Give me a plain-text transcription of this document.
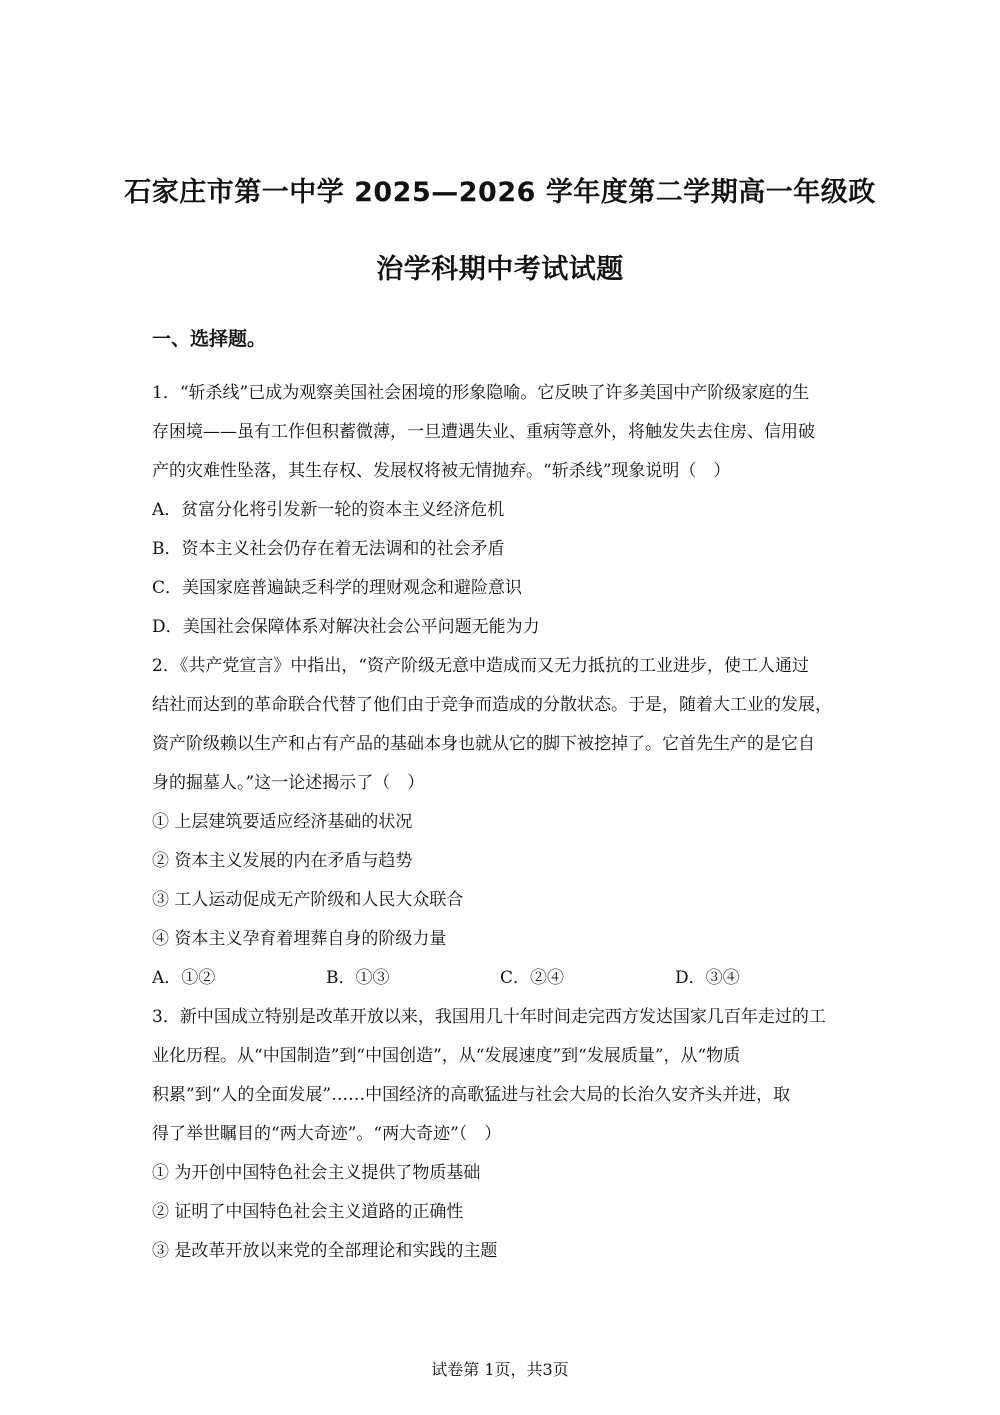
石家庄市第一中学 2025—2026 学年度第二学期高一年级政
治学科期中考试试题
一、选择题。
1．“斩杀线”已成为观察美国社会困境的形象隐喻。它反映了许多美国中产阶级家庭的生
存困境——虽有工作但积蓄微薄，一旦遭遇失业、重病等意外，将触发失去住房、信用破
产的灾难性坠落，其生存权、发展权将被无情抛弃。“斩杀线”现象说明（　）
A．贫富分化将引发新一轮的资本主义经济危机
B．资本主义社会仍存在着无法调和的社会矛盾
C．美国家庭普遍缺乏科学的理财观念和避险意识
D．美国社会保障体系对解决社会公平问题无能为力
2．《共产党宣言》中指出，“资产阶级无意中造成而又无力抵抗的工业进步，使工人通过
结社而达到的革命联合代替了他们由于竞争而造成的分散状态。于是，随着大工业的发展，
资产阶级赖以生产和占有产品的基础本身也就从它的脚下被挖掉了。它首先生产的是它自
身的掘墓人。”这一论述揭示了（　）
① 上层建筑要适应经济基础的状况
② 资本主义发展的内在矛盾与趋势
③ 工人运动促成无产阶级和人民大众联合
④ 资本主义孕育着埋葬自身的阶级力量
A．①②	B．①③	C．②④	D．③④
3．新中国成立特别是改革开放以来，我国用几十年时间走完西方发达国家几百年走过的工
业化历程。从“中国制造”到“中国创造”，从“发展速度”到“发展质量”，从“物质
积累”到“人的全面发展”……中国经济的高歌猛进与社会大局的长治久安齐头并进，取
得了举世瞩目的“两大奇迹”。“两大奇迹”（　）
① 为开创中国特色社会主义提供了物质基础
② 证明了中国特色社会主义道路的正确性
③ 是改革开放以来党的全部理论和实践的主题
试卷第 1页，共3页
